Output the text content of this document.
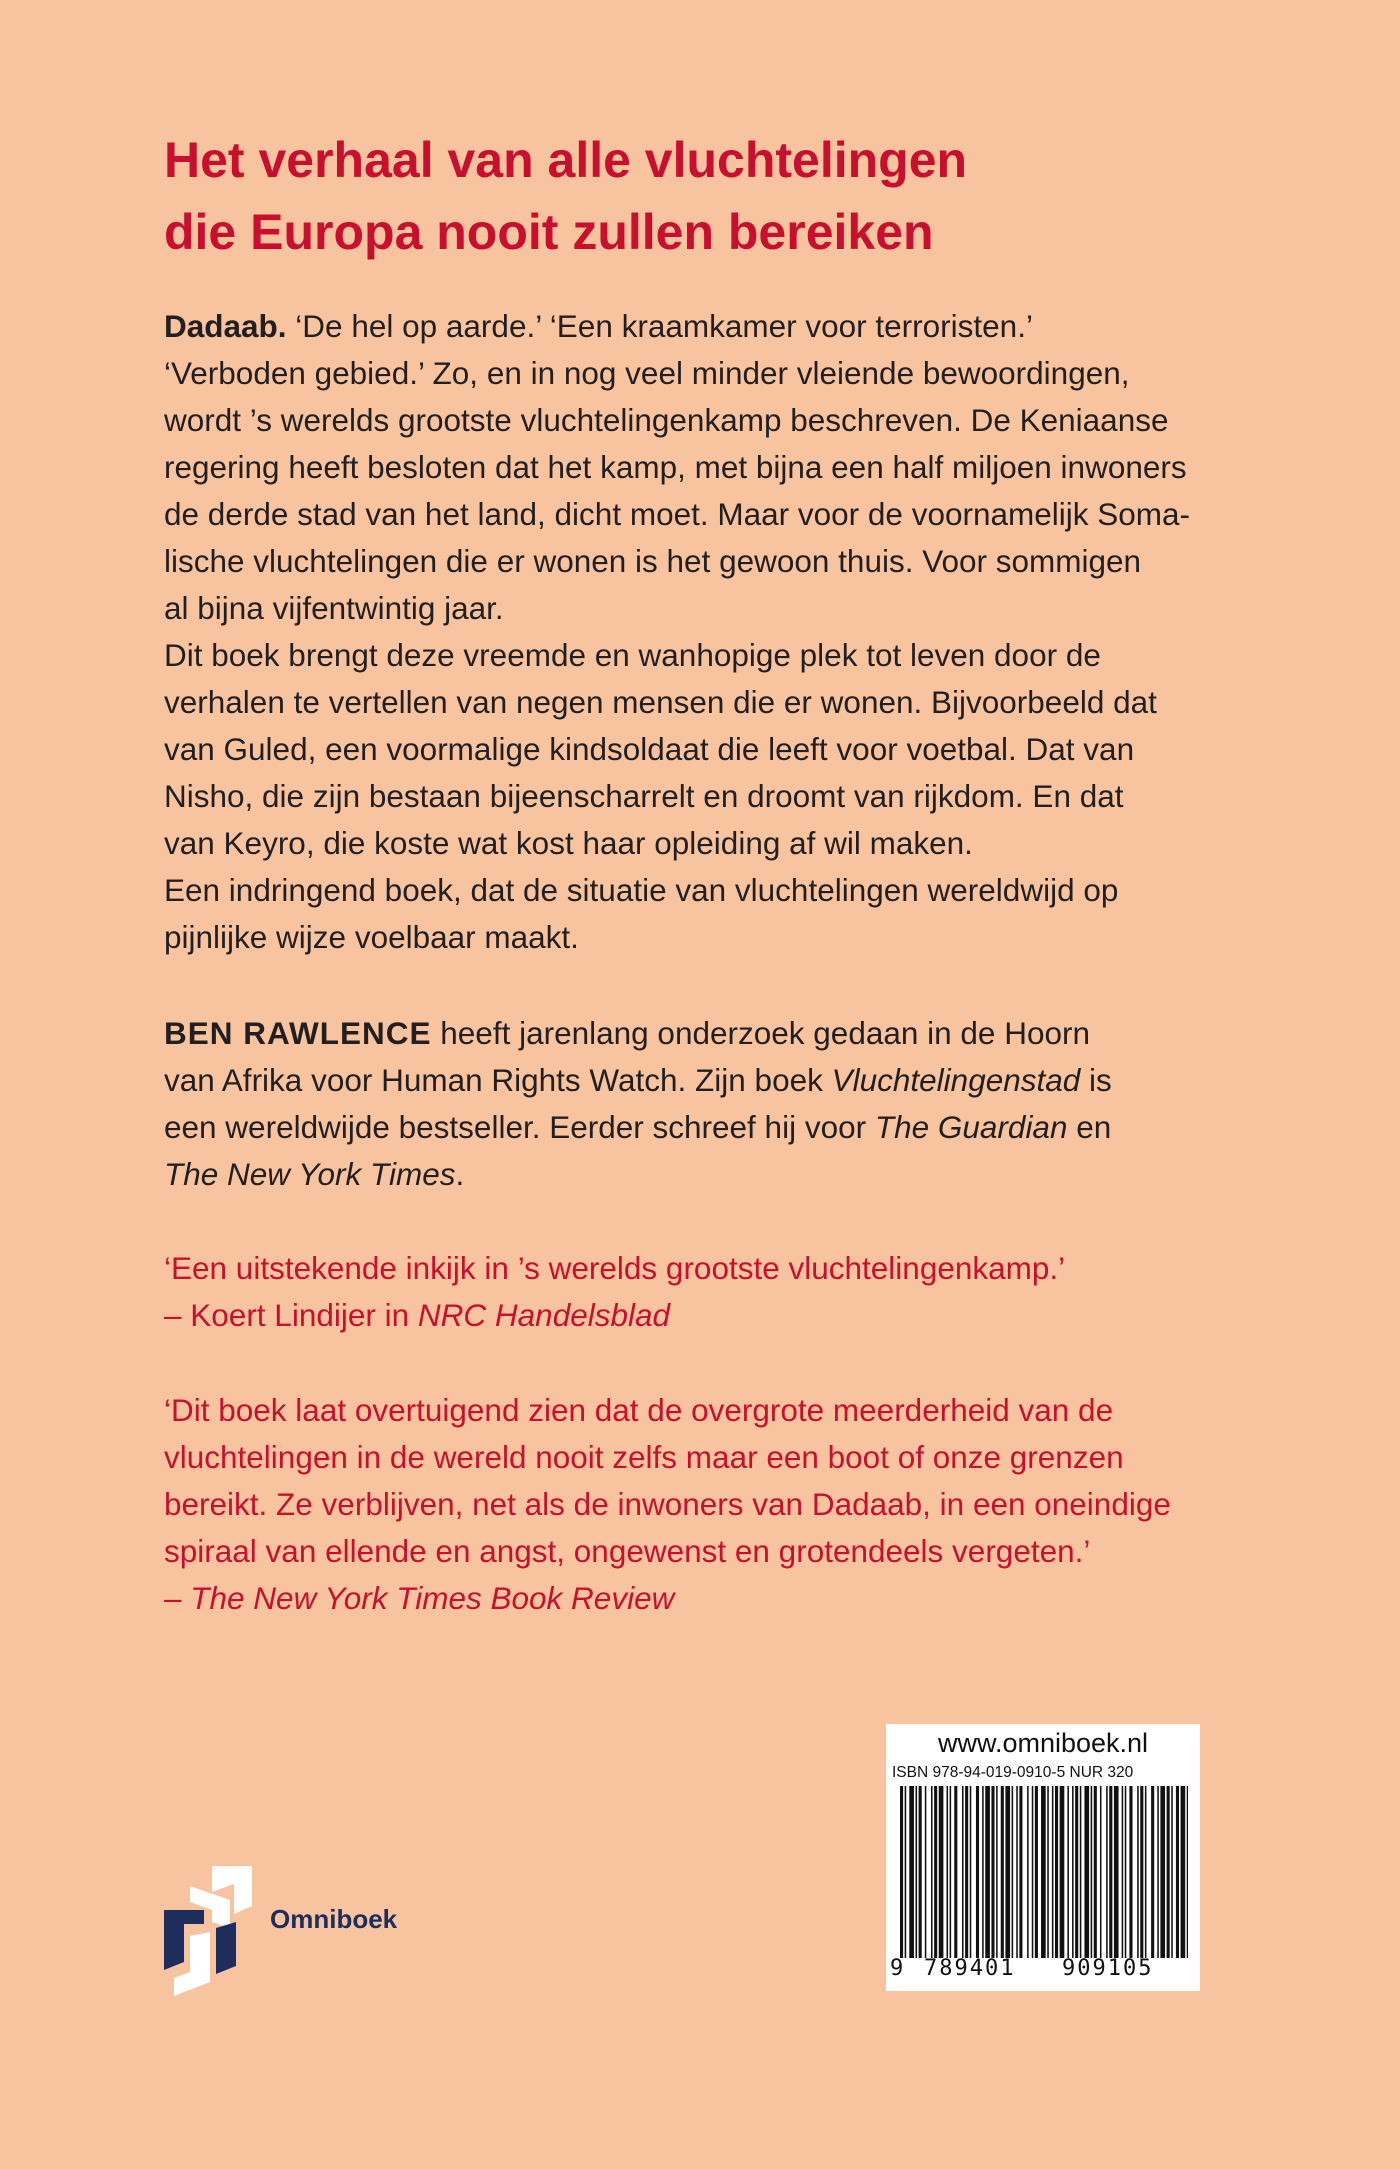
Het verhaal van alle vluchtelingen
die Europa nooit zullen bereiken
Dadaab. ‘De hel op aarde.’ ‘Een kraamkamer voor terroristen.’
‘Verboden gebied.’ Zo, en in nog veel minder vleiende bewoordingen,
wordt ’s werelds grootste vluchtelingenkamp beschreven. De Keniaanse
regering heeft besloten dat het kamp, met bijna een half miljoen inwoners
de derde stad van het land, dicht moet. Maar voor de voornamelijk Soma-
lische vluchtelingen die er wonen is het gewoon thuis. Voor sommigen
al bijna vijfentwintig jaar.
Dit boek brengt deze vreemde en wanhopige plek tot leven door de
verhalen te vertellen van negen mensen die er wonen. Bijvoorbeeld dat
van Guled, een voormalige kindsoldaat die leeft voor voetbal. Dat van
Nisho, die zijn bestaan bijeenscharrelt en droomt van rijkdom. En dat
van Keyro, die koste wat kost haar opleiding af wil maken.
Een indringend boek, dat de situatie van vluchtelingen wereldwijd op
pijnlijke wijze voelbaar maakt.
BEN RAWLENCE heeft jarenlang onderzoek gedaan in de Hoorn
van Afrika voor Human Rights Watch. Zijn boek Vluchtelingenstad is
een wereldwijde bestseller. Eerder schreef hij voor The Guardian en
The New York Times.
‘Een uitstekende inkijk in ’s werelds grootste vluchtelingenkamp.’
– Koert Lindijer in NRC Handelsblad
‘Dit boek laat overtuigend zien dat de overgrote meerderheid van de
vluchtelingen in de wereld nooit zelfs maar een boot of onze grenzen
bereikt. Ze verblijven, net als de inwoners van Dadaab, in een oneindige
spiraal van ellende en angst, ongewenst en grotendeels vergeten.’
– The New York Times Book Review
www.omniboek.nl
ISBN 978-94-019-0910-5 NUR 320
9 789401 909105
Omniboek
